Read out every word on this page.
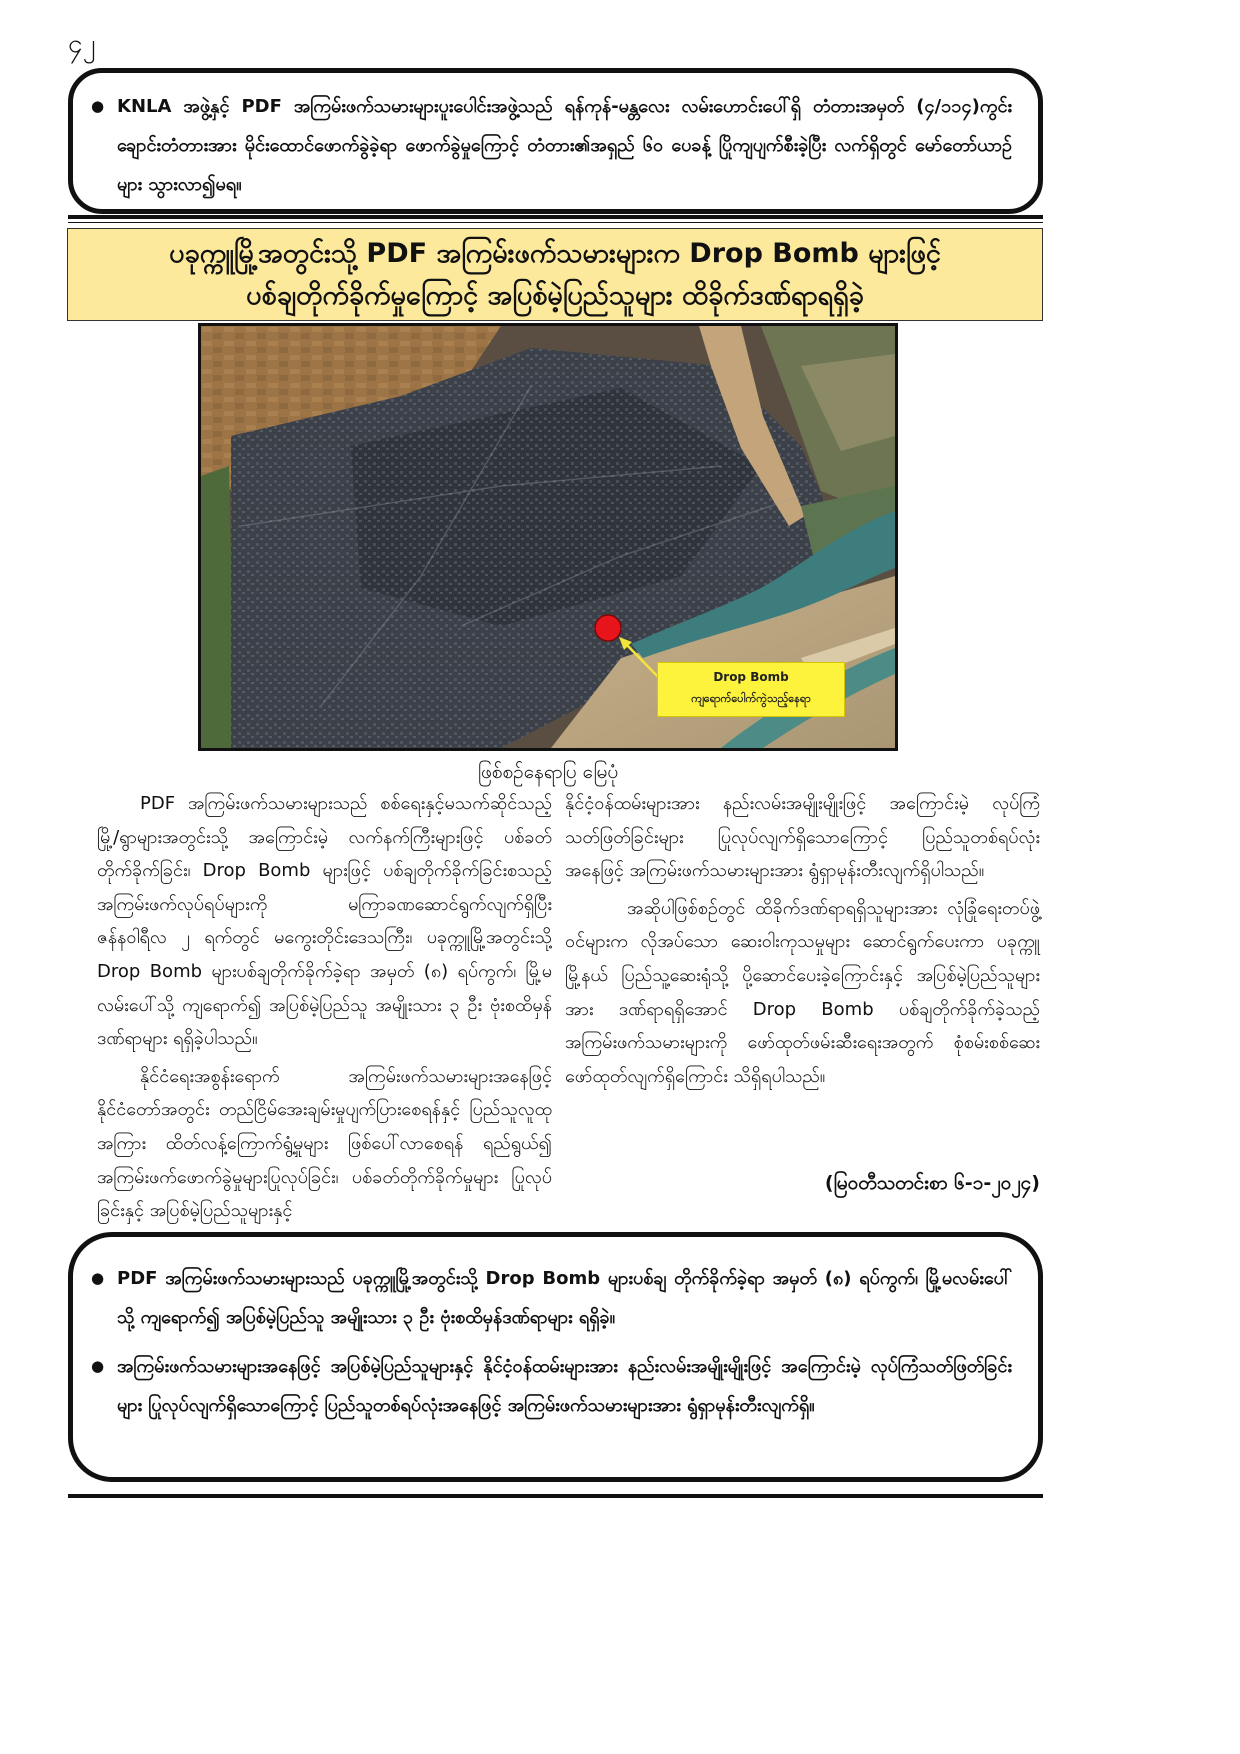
၄၂
● KNLA အဖွဲ့နှင့် PDF အကြမ်းဖက်သမားများပူးပေါင်းအဖွဲ့သည် ရန်ကုန်-မန္တလေး လမ်းဟောင်းပေါ်ရှိ တံတားအမှတ် (၄/၁၁၄)ကွင်းချောင်းတံတားအား မိုင်းထောင်ဖောက်ခွဲခဲ့ရာ ဖောက်ခွဲမှုကြောင့် တံတား၏အရှည် ၆၀ ပေခန့် ပြိုကျပျက်စီးခဲ့ပြီး လက်ရှိတွင် မော်တော်ယာဉ်များ သွားလာ၍မရ။
ပခုက္ကူမြို့အတွင်းသို့ PDF အကြမ်းဖက်သမားများက Drop Bomb များဖြင့်
ပစ်ချတိုက်ခိုက်မှုကြောင့် အပြစ်မဲ့ပြည်သူများ ထိခိုက်ဒဏ်ရာရရှိခဲ့
Drop Bomb
ကျရောက်ပေါက်ကွဲသည့်နေရာ
ဖြစ်စဉ်နေရာပြ မြေပုံ

PDF အကြမ်းဖက်သမားများသည် စစ်ရေးနှင့်မသက်ဆိုင်သည့် မြို့/ရွာများအတွင်းသို့ အကြောင်းမဲ့ လက်နက်ကြီးများဖြင့် ပစ်ခတ်တိုက်ခိုက်ခြင်း၊ Drop Bomb များဖြင့် ပစ်ချတိုက်ခိုက်ခြင်းစသည့် အကြမ်းဖက်လုပ်ရပ်များကို မကြာခဏဆောင်ရွက်လျက်ရှိပြီး ဇန်နဝါရီလ ၂ ရက်တွင် မကွေးတိုင်းဒေသကြီး၊ ပခုက္ကူမြို့အတွင်းသို့ Drop Bomb များပစ်ချတိုက်ခိုက်ခဲ့ရာ အမှတ် (၈) ရပ်ကွက်၊ မြို့မလမ်းပေါ်သို့ ကျရောက်၍ အပြစ်မဲ့ပြည်သူ အမျိုးသား ၃ ဦး ဗုံးစထိမှန်ဒဏ်ရာများ ရရှိခဲ့ပါသည်။

နိုင်ငံရေးအစွန်းရောက် အကြမ်းဖက်သမားများအနေဖြင့် နိုင်ငံတော်အတွင်း တည်ငြိမ်အေးချမ်းမှုပျက်ပြားစေရန်နှင့် ပြည်သူလူထုအကြား ထိတ်လန့်ကြောက်ရွံ့မှုများ ဖြစ်ပေါ်လာစေရန် ရည်ရွယ်၍ အကြမ်းဖက်ဖောက်ခွဲမှုများပြုလုပ်ခြင်း၊ ပစ်ခတ်တိုက်ခိုက်မှုများ ပြုလုပ်ခြင်းနှင့် အပြစ်မဲ့ပြည်သူများနှင့်

နိုင်ငံ့ဝန်ထမ်းများအား နည်းလမ်းအမျိုးမျိုးဖြင့် အကြောင်းမဲ့ လုပ်ကြံသတ်ဖြတ်ခြင်းများ ပြုလုပ်လျက်ရှိသောကြောင့် ပြည်သူတစ်ရပ်လုံးအနေဖြင့် အကြမ်းဖက်သမားများအား ရွံရှာမုန်းတီးလျက်ရှိပါသည်။

အဆိုပါဖြစ်စဉ်တွင် ထိခိုက်ဒဏ်ရာရရှိသူများအား လုံခြုံရေးတပ်ဖွဲ့ဝင်များက လိုအပ်သော ဆေးဝါးကုသမှုများ ဆောင်ရွက်ပေးကာ ပခုက္ကူမြို့နယ် ပြည်သူ့ဆေးရုံသို့ ပို့ဆောင်ပေးခဲ့ကြောင်းနှင့် အပြစ်မဲ့ပြည်သူများအား ဒဏ်ရာရရှိအောင် Drop Bomb ပစ်ချတိုက်ခိုက်ခဲ့သည့် အကြမ်းဖက်သမားများကို ဖော်ထုတ်ဖမ်းဆီးရေးအတွက် စုံစမ်းစစ်ဆေးဖော်ထုတ်လျက်ရှိကြောင်း သိရှိရပါသည်။

(မြဝတီသတင်းစာ ၆-၁-၂၀၂၄)
● PDF အကြမ်းဖက်သမားများသည် ပခုက္ကူမြို့အတွင်းသို့ Drop Bomb များပစ်ချ တိုက်ခိုက်ခဲ့ရာ အမှတ် (၈) ရပ်ကွက်၊ မြို့မလမ်းပေါ်သို့ ကျရောက်၍ အပြစ်မဲ့ပြည်သူ အမျိုးသား ၃ ဦး ဗုံးစထိမှန်ဒဏ်ရာများ ရရှိခဲ့။
● အကြမ်းဖက်သမားများအနေဖြင့် အပြစ်မဲ့ပြည်သူများနှင့် နိုင်ငံ့ဝန်ထမ်းများအား နည်းလမ်းအမျိုးမျိုးဖြင့် အကြောင်းမဲ့ လုပ်ကြံသတ်ဖြတ်ခြင်းများ ပြုလုပ်လျက်ရှိသောကြောင့် ပြည်သူတစ်ရပ်လုံးအနေဖြင့် အကြမ်းဖက်သမားများအား ရွံရှာမုန်းတီးလျက်ရှိ။
